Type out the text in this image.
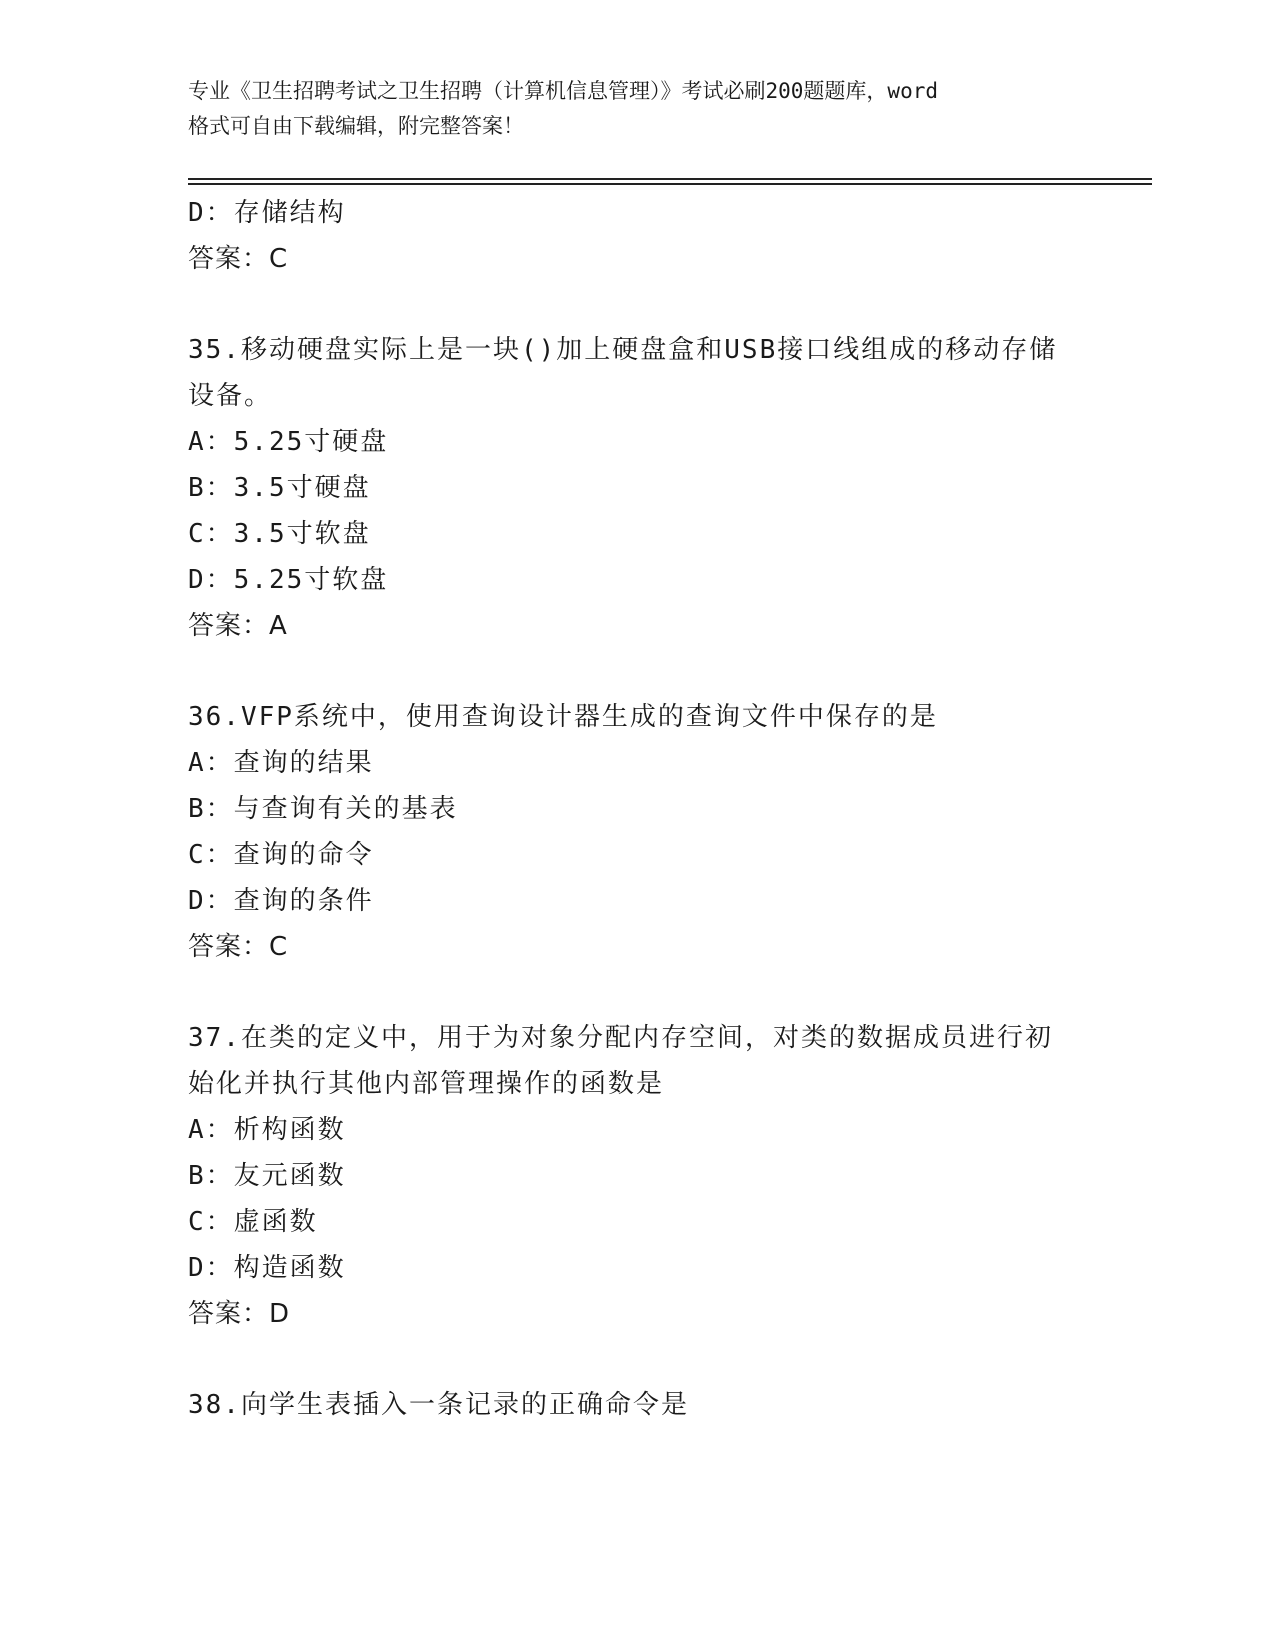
专业《卫生招聘考试之卫生招聘（计算机信息管理）》考试必刷200题题库，word
格式可自由下载编辑，附完整答案！
D：存储结构
答案：C
35.移动硬盘实际上是一块()加上硬盘盒和USB接口线组成的移动存储
设备。
A：5.25寸硬盘
B：3.5寸硬盘
C：3.5寸软盘
D：5.25寸软盘
答案：A
36.VFP系统中，使用查询设计器生成的查询文件中保存的是
A：查询的结果
B：与查询有关的基表
C：查询的命令
D：查询的条件
答案：C
37.在类的定义中，用于为对象分配内存空间，对类的数据成员进行初
始化并执行其他内部管理操作的函数是
A：析构函数
B：友元函数
C：虚函数
D：构造函数
答案：D
38.向学生表插入一条记录的正确命令是
